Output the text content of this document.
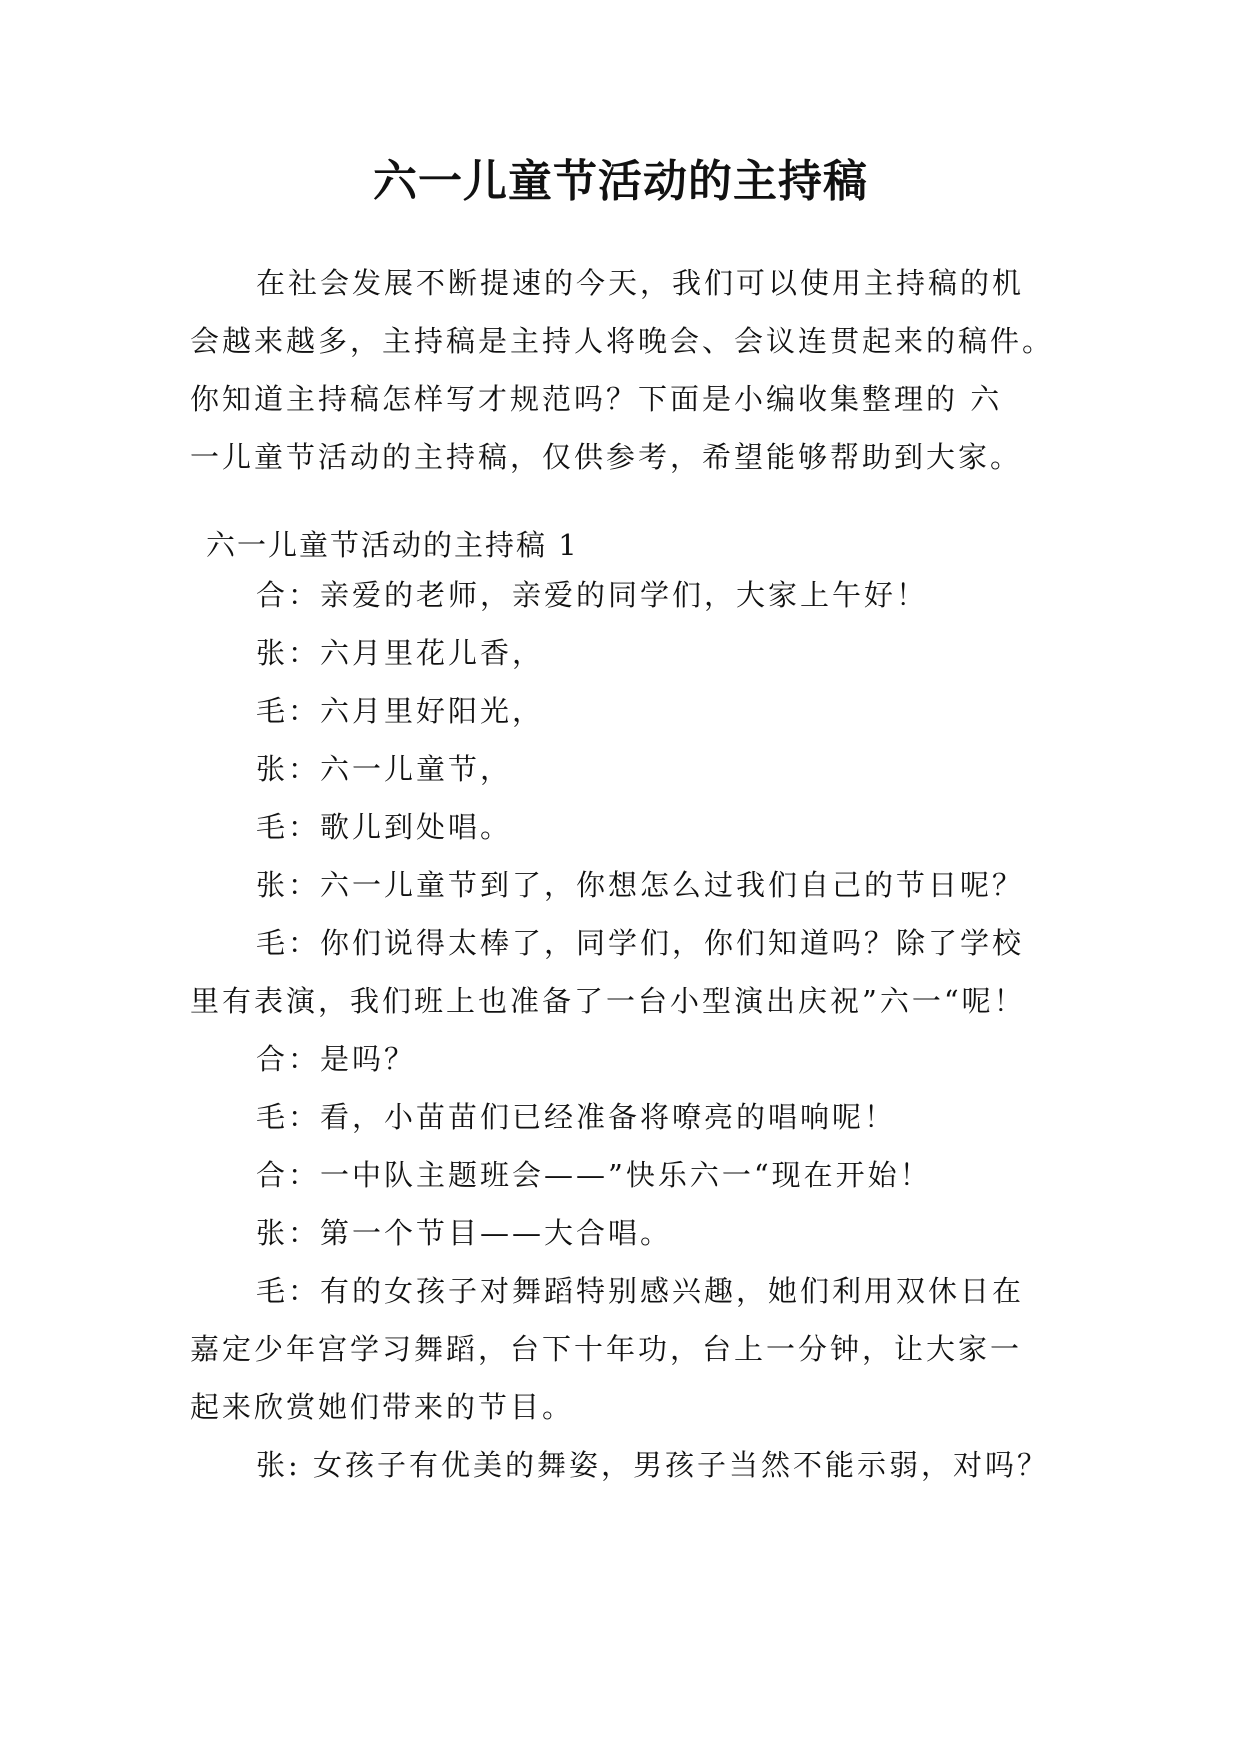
六一儿童节活动的主持稿
在社会发展不断提速的今天，我们可以使用主持稿的机
会越来越多，主持稿是主持人将晚会、会议连贯起来的稿件。
你知道主持稿怎样写才规范吗？下面是小编收集整理的 六
一儿童节活动的主持稿，仅供参考，希望能够帮助到大家。
六一儿童节活动的主持稿 1
合：亲爱的老师，亲爱的同学们，大家上午好！
张：六月里花儿香，
毛：六月里好阳光，
张：六一儿童节，
毛：歌儿到处唱。
张：六一儿童节到了，你想怎么过我们自己的节日呢？
毛：你们说得太棒了，同学们，你们知道吗？除了学校
里有表演，我们班上也准备了一台小型演出庆祝”六一“呢！
合：是吗？
毛：看，小苗苗们已经准备将嘹亮的唱响呢！
合：一中队主题班会——”快乐六一“现在开始！
张：第一个节目——大合唱。
毛：有的女孩子对舞蹈特别感兴趣，她们利用双休日在
嘉定少年宫学习舞蹈，台下十年功，台上一分钟，让大家一
起来欣赏她们带来的节目。
张: 女孩子有优美的舞姿，男孩子当然不能示弱，对吗？
